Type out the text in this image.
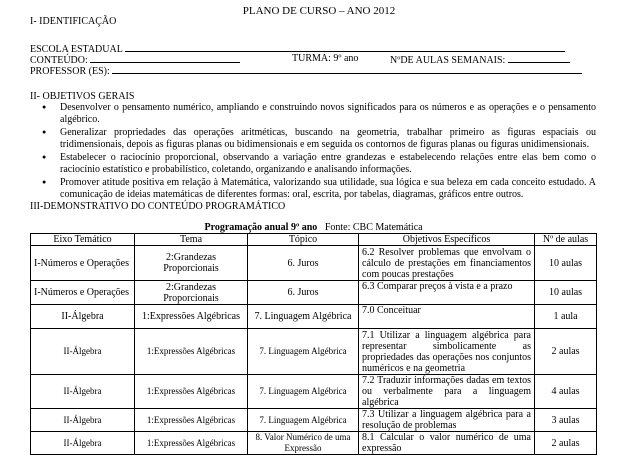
PLANO DE CURSO – ANO 2012
I- IDENTIFICAÇÃO
ESCOLA ESTADUAL
CONTEÚDO:	TURMA: 9º ano	NºDE AULAS SEMANAIS:
PROFESSOR (ES):
II- OBJETIVOS GERAIS
● Desenvolver o pensamento numérico, ampliando e construindo novos significados para os números e as operações e o pensamento algébrico.
● Generalizar propriedades das operações aritméticas, buscando na geometria, trabalhar primeiro as figuras espaciais ou tridimensionais, depois as figuras planas ou bidimensionais e em seguida os contornos de figuras planas ou figuras unidimensionais.
● Estabelecer o raciocínio proporcional, observando a variação entre grandezas e estabelecendo relações entre elas bem como o raciocínio estatístico e probabilístico, coletando, organizando e analisando informações.
● Promover atitude positiva em relação à Matemática, valorizando sua utilidade, sua lógica e sua beleza em cada conceito estudado. A comunicação de ideias matemáticas de diferentes formas: oral, escrita, por tabelas, diagramas, gráficos entre outros.
III-DEMONSTRATIVO DO CONTEÚDO PROGRAMÁTICO
Programação anual 9º ano Fonte: CBC Matemática				
Eixo Temático	Tema	Tópico	Objetivos Específicos	Nº de aulas
I-Números e Operações	2:Grandezas Proporcionais	6. Juros	6.2 Resolver problemas que envolvam o cálculo de prestações em financiamentos com poucas prestações	10 aulas
I-Números e Operações	2:Grandezas Proporcionais	6. Juros	6.3 Comparar preços à vista e a prazo	10 aulas
II-Álgebra	1:Expressões Algébricas	7. Linguagem Algébrica	7.0 Conceituar	1 aula
II-Álgebra	1:Expressões Algébricas	7. Linguagem Algébrica	7.1 Utilizar a linguagem algébrica para representar simbolicamente as propriedades das operações nos conjuntos numéricos e na geometria	2 aulas
II-Álgebra	1:Expressões Algébricas	7. Linguagem Algébrica	7.2 Traduzir informações dadas em textos ou verbalmente para a linguagem algébrica	4 aulas
II-Álgebra	1:Expressões Algébricas	7. Linguagem Algébrica	7.3 Utilizar a linguagem algébrica para a resolução de problemas	3 aulas
II-Álgebra	1:Expressões Algébricas	8. Valor Numérico de uma Expressão	8.1 Calcular o valor numérico de uma expressão	2 aulas
